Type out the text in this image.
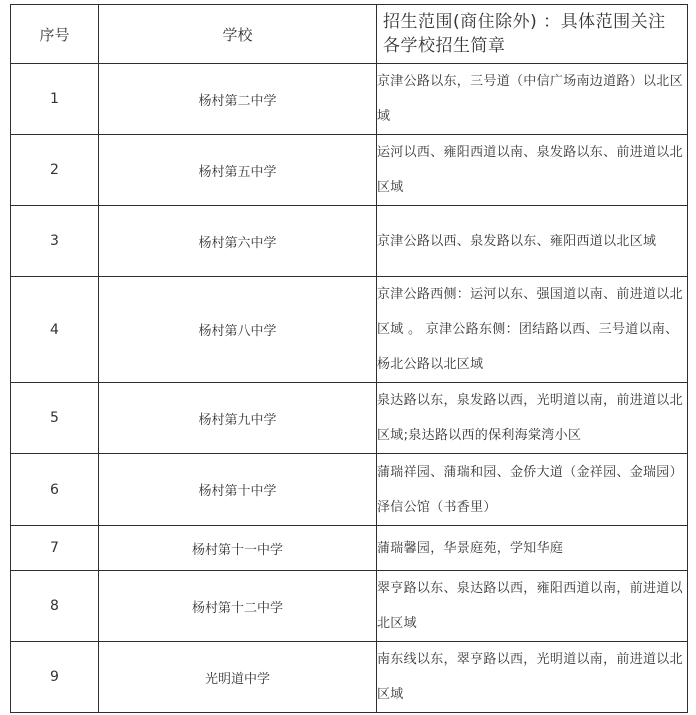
序号	学校	招生范围(商住除外) ：具体范围关注各学校招生简章
1	杨村第二中学	京津公路以东，三号道（中信广场南边道路）以北区域
2	杨村第五中学	运河以西、雍阳西道以南、泉发路以东、前进道以北区域
3	杨村第六中学	京津公路以西、泉发路以东、雍阳西道以北区域
4	杨村第八中学	京津公路西侧：运河以东、强国道以南、前进道以北区域 。 京津公路东侧：团结路以西、三号道以南、杨北公路以北区域
5	杨村第九中学	泉达路以东，泉发路以西，光明道以南，前进道以北区域;泉达路以西的保利海棠湾小区
6	杨村第十中学	蒲瑞祥园、蒲瑞和园、金侨大道（金祥园、金瑞园）泽信公馆（书香里）
7	杨村第十一中学	蒲瑞馨园，华景庭苑，学知华庭
8	杨村第十二中学	翠亨路以东、泉达路以西，雍阳西道以南，前进道以北区域
9	光明道中学	南东线以东，翠亨路以西，光明道以南，前进道以北区域
